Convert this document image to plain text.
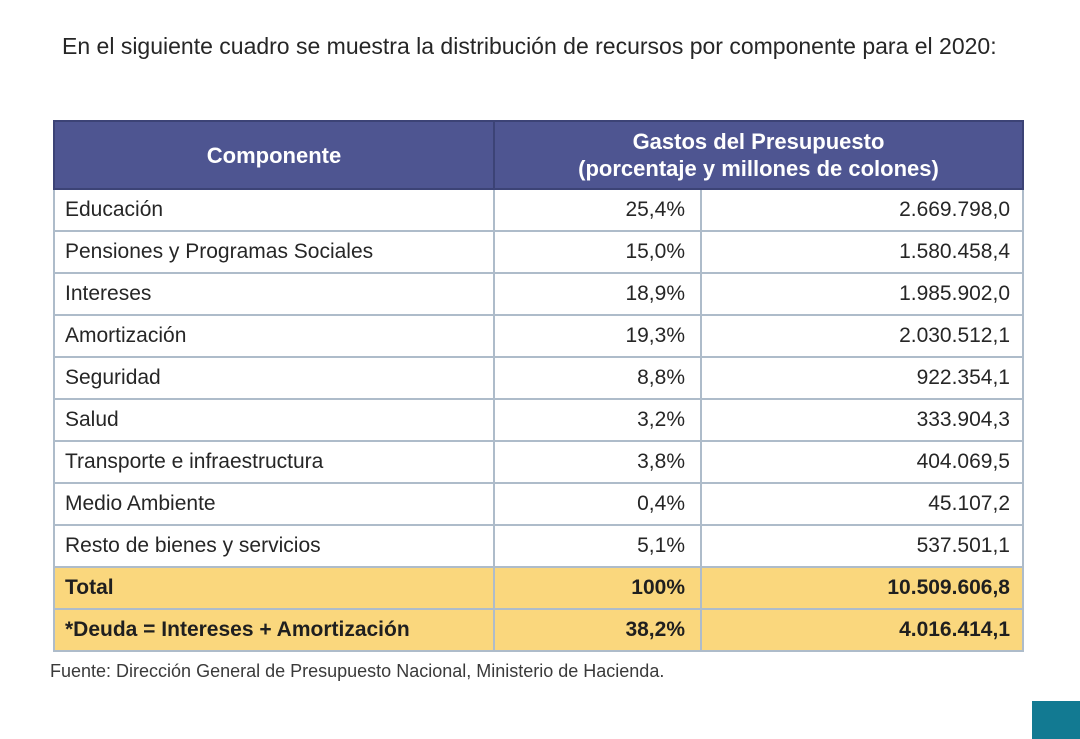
En el siguiente cuadro se muestra la distribución de recursos por componente para el 2020:

Componente	Gastos del Presupuesto
(porcentaje y millones de colones)	

Educación	25,4%	2.669.798,0
Pensiones y Programas Sociales	15,0%	1.580.458,4
Intereses	18,9%	1.985.902,0
Amortización	19,3%	2.030.512,1
Seguridad	8,8%	922.354,1
Salud	3,2%	333.904,3
Transporte e infraestructura	3,8%	404.069,5
Medio Ambiente	0,4%	45.107,2
Resto de bienes y servicios	5,1%	537.501,1
Total	100%	10.509.606,8
*Deuda = Intereses + Amortización	38,2%	4.016.414,1

Fuente: Dirección General de Presupuesto Nacional, Ministerio de Hacienda.
